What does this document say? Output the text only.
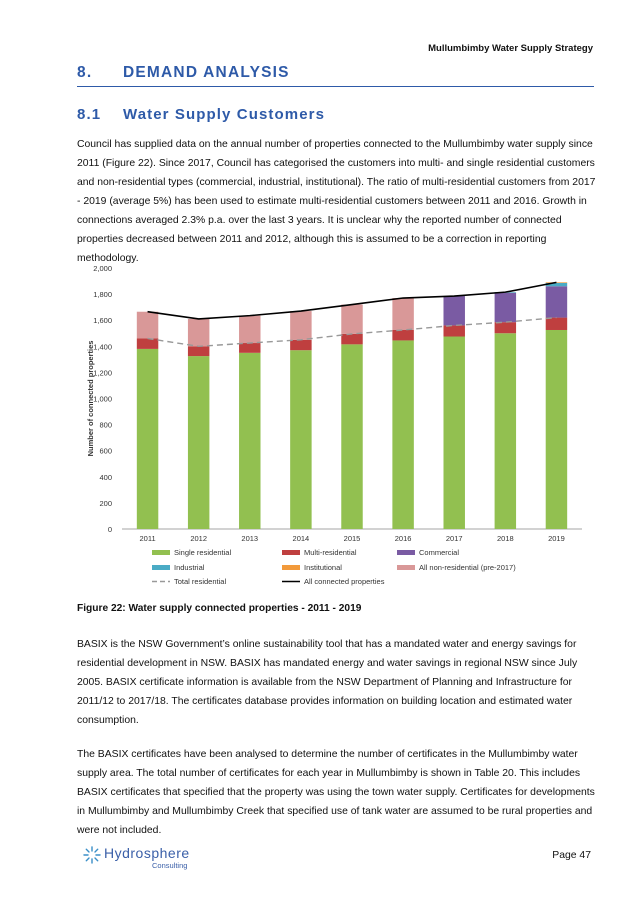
Mullumbimby Water Supply Strategy
8. DEMAND ANALYSIS
8.1 Water Supply Customers

Council has supplied data on the annual number of properties connected to the Mullumbimby water supply since 2011 (Figure 22). Since 2017, Council has categorised the customers into multi- and single residential customers and non-residential types (commercial, industrial, institutional). The ratio of multi-residential customers from 2017 - 2019 (average 5%) has been used to estimate multi-residential customers between 2011 and 2016. Growth in connections averaged 2.3% p.a. over the last 3 years. It is unclear why the reported number of connected properties decreased between 2011 and 2012, although this is assumed to be a correction in reporting methodology.

0
200
400
600
800
1,000
1,200
1,400
1,600
1,800
2,000
Number of connected properties
2011	2012	2013	2014	2015	2016	2017	2018	2019
Single residential	Multi-residential	Commercial
Industrial	Institutional	All non-residential (pre-2017)
Total residential	All connected properties
Figure 22: Water supply connected properties - 2011 - 2019

BASIX is the NSW Government’s online sustainability tool that has a mandated water and energy savings for residential development in NSW. BASIX has mandated energy and water savings in regional NSW since July 2005. BASIX certificate information is available from the NSW Department of Planning and Infrastructure for 2011/12 to 2017/18. The certificates database provides information on building location and estimated water consumption.

The BASIX certificates have been analysed to determine the number of certificates in the Mullumbimby water supply area. The total number of certificates for each year in Mullumbimby is shown in Table 20. This includes BASIX certificates that specified that the property was using the town water supply. Certificates for developments in Mullumbimby and Mullumbimby Creek that specified use of tank water are assumed to be rural properties and were not included.

Hydrosphere
Consulting
Page 47
